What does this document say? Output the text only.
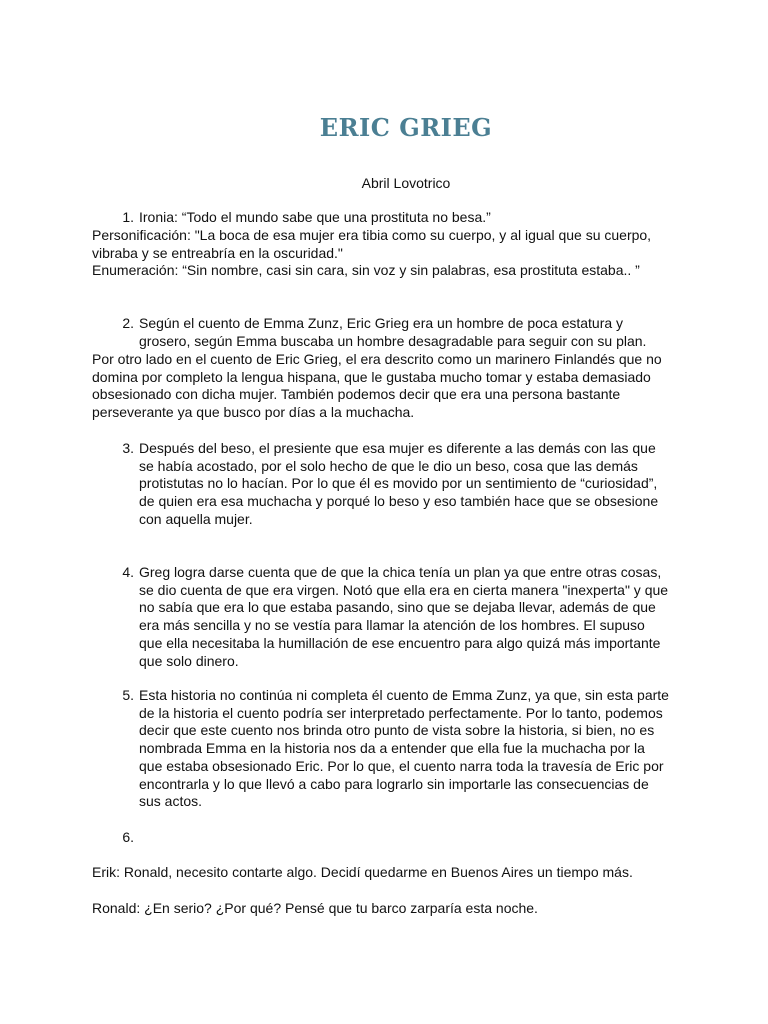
ERIC GRIEG
Abril Lovotrico
1. Ironia: “Todo el mundo sabe que una prostituta no besa.”

Personificación: "La boca de esa mujer era tibia como su cuerpo, y al igual que su cuerpo, vibraba y se entreabría en la oscuridad."

Enumeración: “Sin nombre, casi sin cara, sin voz y sin palabras, esa prostituta estaba.. ”

2. Según el cuento de Emma Zunz, Eric Grieg era un hombre de poca estatura y grosero, según Emma buscaba un hombre desagradable para seguir con su plan.

Por otro lado en el cuento de Eric Grieg, el era descrito como un marinero Finlandés que no domina por completo la lengua hispana, que le gustaba mucho tomar y estaba demasiado obsesionado con dicha mujer. También podemos decir que era una persona bastante perseverante ya que busco por días a la muchacha.

3. Después del beso, el presiente que esa mujer es diferente a las demás con las que se había acostado, por el solo hecho de que le dio un beso, cosa que las demás protistutas no lo hacían. Por lo que él es movido por un sentimiento de “curiosidad”, de quien era esa muchacha y porqué lo beso y eso también hace que se obsesione con aquella mujer.

4. Greg logra darse cuenta que de que la chica tenía un plan ya que entre otras cosas, se dio cuenta de que era virgen. Notó que ella era en cierta manera "inexperta" y que no sabía que era lo que estaba pasando, sino que se dejaba llevar, además de que era más sencilla y no se vestía para llamar la atención de los hombres. El supuso que ella necesitaba la humillación de ese encuentro para algo quizá más importante que solo dinero.

5. Esta historia no continúa ni completa él cuento de Emma Zunz, ya que, sin esta parte de la historia el cuento podría ser interpretado perfectamente. Por lo tanto, podemos decir que este cuento nos brinda otro punto de vista sobre la historia, si bien, no es nombrada Emma en la historia nos da a entender que ella fue la muchacha por la que estaba obsesionado Eric. Por lo que, el cuento narra toda la travesía de Eric por encontrarla y lo que llevó a cabo para lograrlo sin importarle las consecuencias de sus actos.

6.

Erik: Ronald, necesito contarte algo. Decidí quedarme en Buenos Aires un tiempo más.

Ronald: ¿En serio? ¿Por qué? Pensé que tu barco zarparía esta noche.
